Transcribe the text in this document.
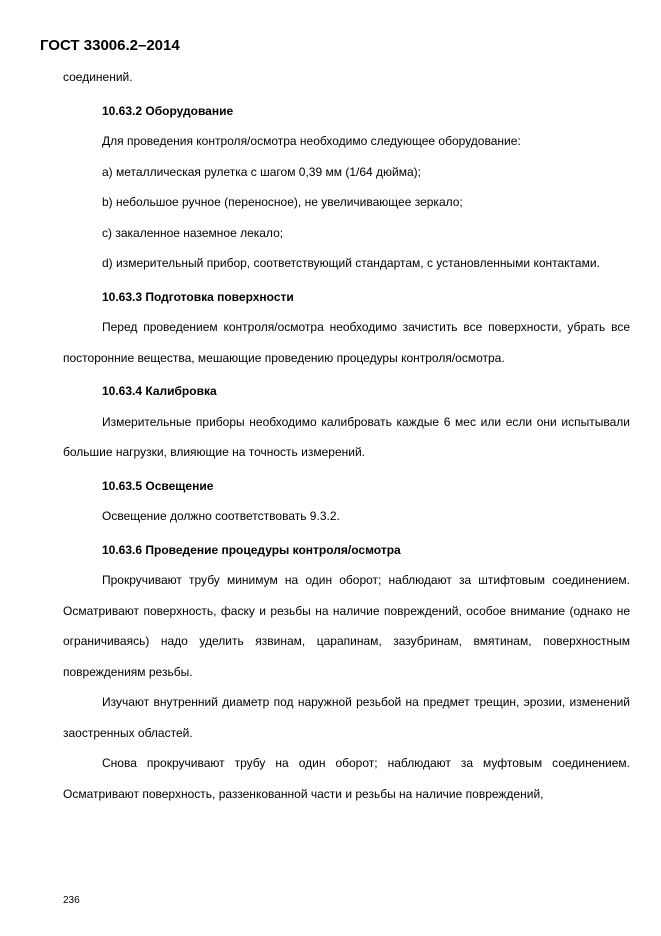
ГОСТ 33006.2–2014

соединений.

10.63.2 Оборудование

Для проведения контроля/осмотра необходимо следующее оборудование:

a) металлическая рулетка с шагом 0,39 мм (1/64 дюйма);

b) небольшое ручное (переносное), не увеличивающее зеркало;

c) закаленное наземное лекало;

d) измерительный прибор, соответствующий стандартам, с установленными контактами.

10.63.3 Подготовка поверхности

Перед проведением контроля/осмотра необходимо зачистить все поверхности, убрать все посторонние вещества, мешающие проведению процедуры контроля/осмотра.

10.63.4 Калибровка

Измерительные приборы необходимо калибровать каждые 6 мес или если они испытывали большие нагрузки, влияющие на точность измерений.

10.63.5 Освещение

Освещение должно соответствовать 9.3.2.

10.63.6 Проведение процедуры контроля/осмотра

Прокручивают трубу минимум на один оборот; наблюдают за штифтовым соединением. Осматривают поверхность, фаску и резьбы на наличие повреждений, особое внимание (однако не ограничиваясь) надо уделить язвинам, царапинам, зазубринам, вмятинам, поверхностным повреждениям резьбы.

Изучают внутренний диаметр под наружной резьбой на предмет трещин, эрозии, изменений заостренных областей.

Снова прокручивают трубу на один оборот; наблюдают за муфтовым соединением. Осматривают поверхность, раззенкованной части и резьбы на наличие повреждений,

236
